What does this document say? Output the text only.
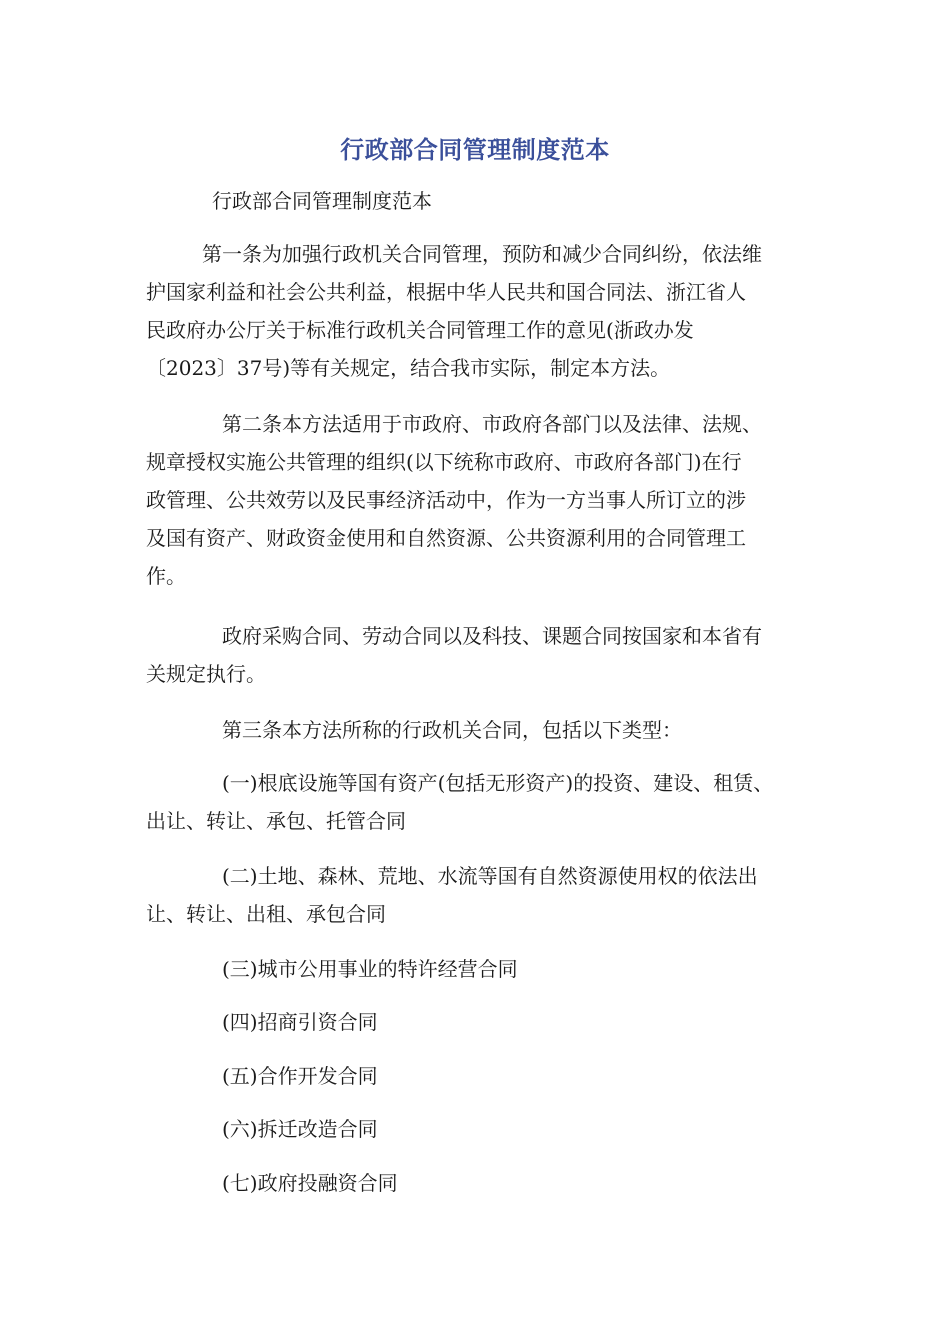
行政部合同管理制度范本
行政部合同管理制度范本
第一条为加强行政机关合同管理，预防和减少合同纠纷，依法维
护国家利益和社会公共利益，根据中华人民共和国合同法、浙江省人
民政府办公厅关于标准行政机关合同管理工作的意见(浙政办发
〔2023〕37号)等有关规定，结合我市实际，制定本方法。
第二条本方法适用于市政府、市政府各部门以及法律、法规、
规章授权实施公共管理的组织(以下统称市政府、市政府各部门)在行
政管理、公共效劳以及民事经济活动中，作为一方当事人所订立的涉
及国有资产、财政资金使用和自然资源、公共资源利用的合同管理工
作。
政府采购合同、劳动合同以及科技、课题合同按国家和本省有
关规定执行。
第三条本方法所称的行政机关合同，包括以下类型：
(一)根底设施等国有资产(包括无形资产)的投资、建设、租赁、
出让、转让、承包、托管合同
(二)土地、森林、荒地、水流等国有自然资源使用权的依法出
让、转让、出租、承包合同
(三)城市公用事业的特许经营合同
(四)招商引资合同
(五)合作开发合同
(六)拆迁改造合同
(七)政府投融资合同
